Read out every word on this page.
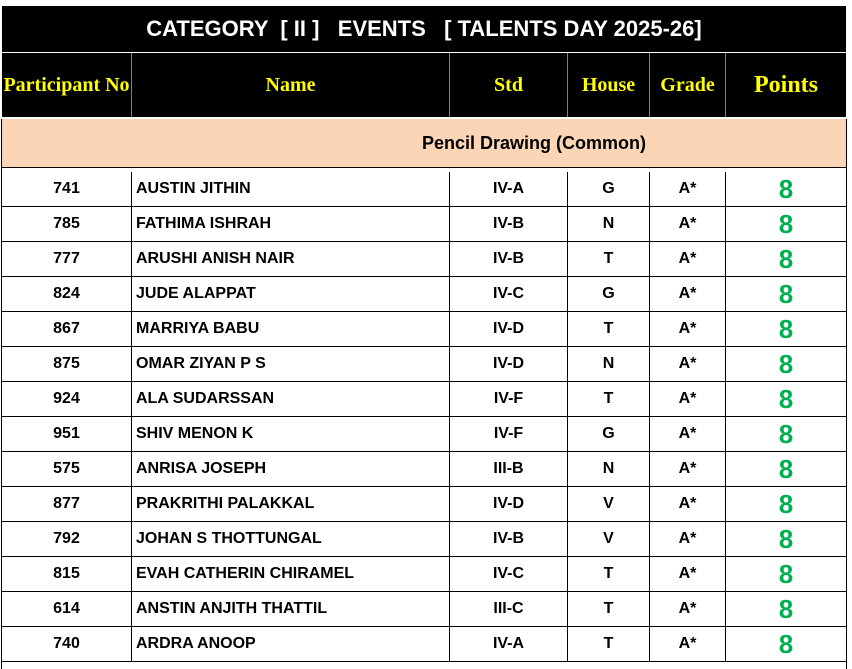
CATEGORY  [ II ]   EVENTS   [ TALENTS DAY 2025-26]
Participant No	Name	Std	House	Grade	Points
Pencil Drawing (Common)
741	AUSTIN JITHIN	IV-A	G	A*	8
785	FATHIMA ISHRAH	IV-B	N	A*	8
777	ARUSHI ANISH NAIR	IV-B	T	A*	8
824	JUDE ALAPPAT	IV-C	G	A*	8
867	MARRIYA BABU	IV-D	T	A*	8
875	OMAR ZIYAN P S	IV-D	N	A*	8
924	ALA SUDARSSAN	IV-F	T	A*	8
951	SHIV MENON K	IV-F	G	A*	8
575	ANRISA JOSEPH	III-B	N	A*	8
877	PRAKRITHI PALAKKAL	IV-D	V	A*	8
792	JOHAN S THOTTUNGAL	IV-B	V	A*	8
815	EVAH CATHERIN CHIRAMEL	IV-C	T	A*	8
614	ANSTIN ANJITH THATTIL	III-C	T	A*	8
740	ARDRA ANOOP	IV-A	T	A*	8
